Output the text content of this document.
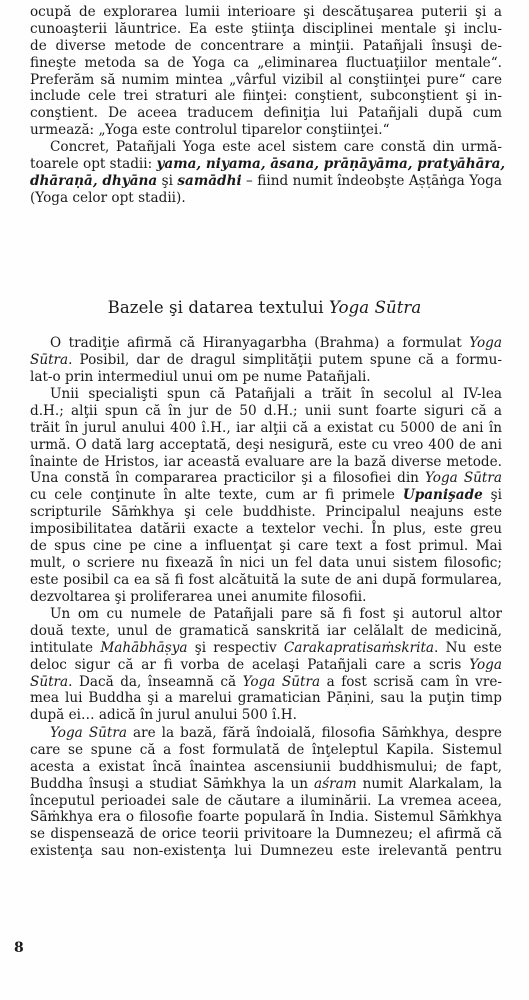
ocupă de explorarea lumii interioare şi descătuşarea puterii şi a
cunoaşterii lăuntrice. Ea este ştiinţa disciplinei mentale şi inclu-
de diverse metode de concentrare a minţii. Patañjali însuşi de-
fineşte metoda sa de Yoga ca „eliminarea fluctuaţiilor mentale“.
Preferăm să numim mintea „vârful vizibil al conştiinţei pure“ care
include cele trei straturi ale fiinţei: conştient, subconştient şi in-
conştient. De aceea traducem definiţia lui Patañjali după cum
urmează: „Yoga este controlul tiparelor conştiinţei.“
Concret, Patañjali Yoga este acel sistem care constă din urmă-
toarele opt stadii: yama, niyama, āsana, prāṇāyāma, pratyāhāra,
dhāraṇā, dhyāna şi samādhi – fiind numit îndeobşte Aṣṭāṅga Yoga
(Yoga celor opt stadii).
Bazele şi datarea textului Yoga Sūtra
O tradiţie afirmă că Hiranyagarbha (Brahma) a formulat Yoga
Sūtra. Posibil, dar de dragul simplităţii putem spune că a formu-
lat-o prin intermediul unui om pe nume Patañjali.
Unii specialişti spun că Patañjali a trăit în secolul al IV-lea
d.H.; alţii spun că în jur de 50 d.H.; unii sunt foarte siguri că a
trăit în jurul anului 400 î.H., iar alţii că a existat cu 5000 de ani în
urmă. O dată larg acceptată, deşi nesigură, este cu vreo 400 de ani
înainte de Hristos, iar această evaluare are la bază diverse metode.
Una constă în compararea practicilor şi a filosofiei din Yoga Sūtra
cu cele conţinute în alte texte, cum ar fi primele Upanişade şi
scripturile Sāṁkhya şi cele buddhiste. Principalul neajuns este
imposibilitatea datării exacte a textelor vechi. În plus, este greu
de spus cine pe cine a influenţat şi care text a fost primul. Mai
mult, o scriere nu fixează în nici un fel data unui sistem filosofic;
este posibil ca ea să fi fost alcătuită la sute de ani după formularea,
dezvoltarea şi proliferarea unei anumite filosofii.
Un om cu numele de Patañjali pare să fi fost şi autorul altor
două texte, unul de gramatică sanskrită iar celălalt de medicină,
intitulate Mahābhāṣya şi respectiv Carakapratisaṁskrita. Nu este
deloc sigur că ar fi vorba de acelaşi Patañjali care a scris Yoga
Sūtra. Dacă da, înseamnă că Yoga Sūtra a fost scrisă cam în vre-
mea lui Buddha şi a marelui gramatician Pāṇini, sau la puţin timp
după ei… adică în jurul anului 500 î.H.
Yoga Sūtra are la bază, fără îndoială, filosofia Sāṁkhya, despre
care se spune că a fost formulată de înţeleptul Kapila. Sistemul
acesta a existat încă înaintea ascensiunii buddhismului; de fapt,
Buddha însuşi a studiat Sāṁkhya la un aśram numit Alarkalam, la
începutul perioadei sale de căutare a iluminării. La vremea aceea,
Sāṁkhya era o filosofie foarte populară în India. Sistemul Sāṁkhya
se dispensează de orice teorii privitoare la Dumnezeu; el afirmă că
existenţa sau non-existenţa lui Dumnezeu este irelevantă pentru
8
